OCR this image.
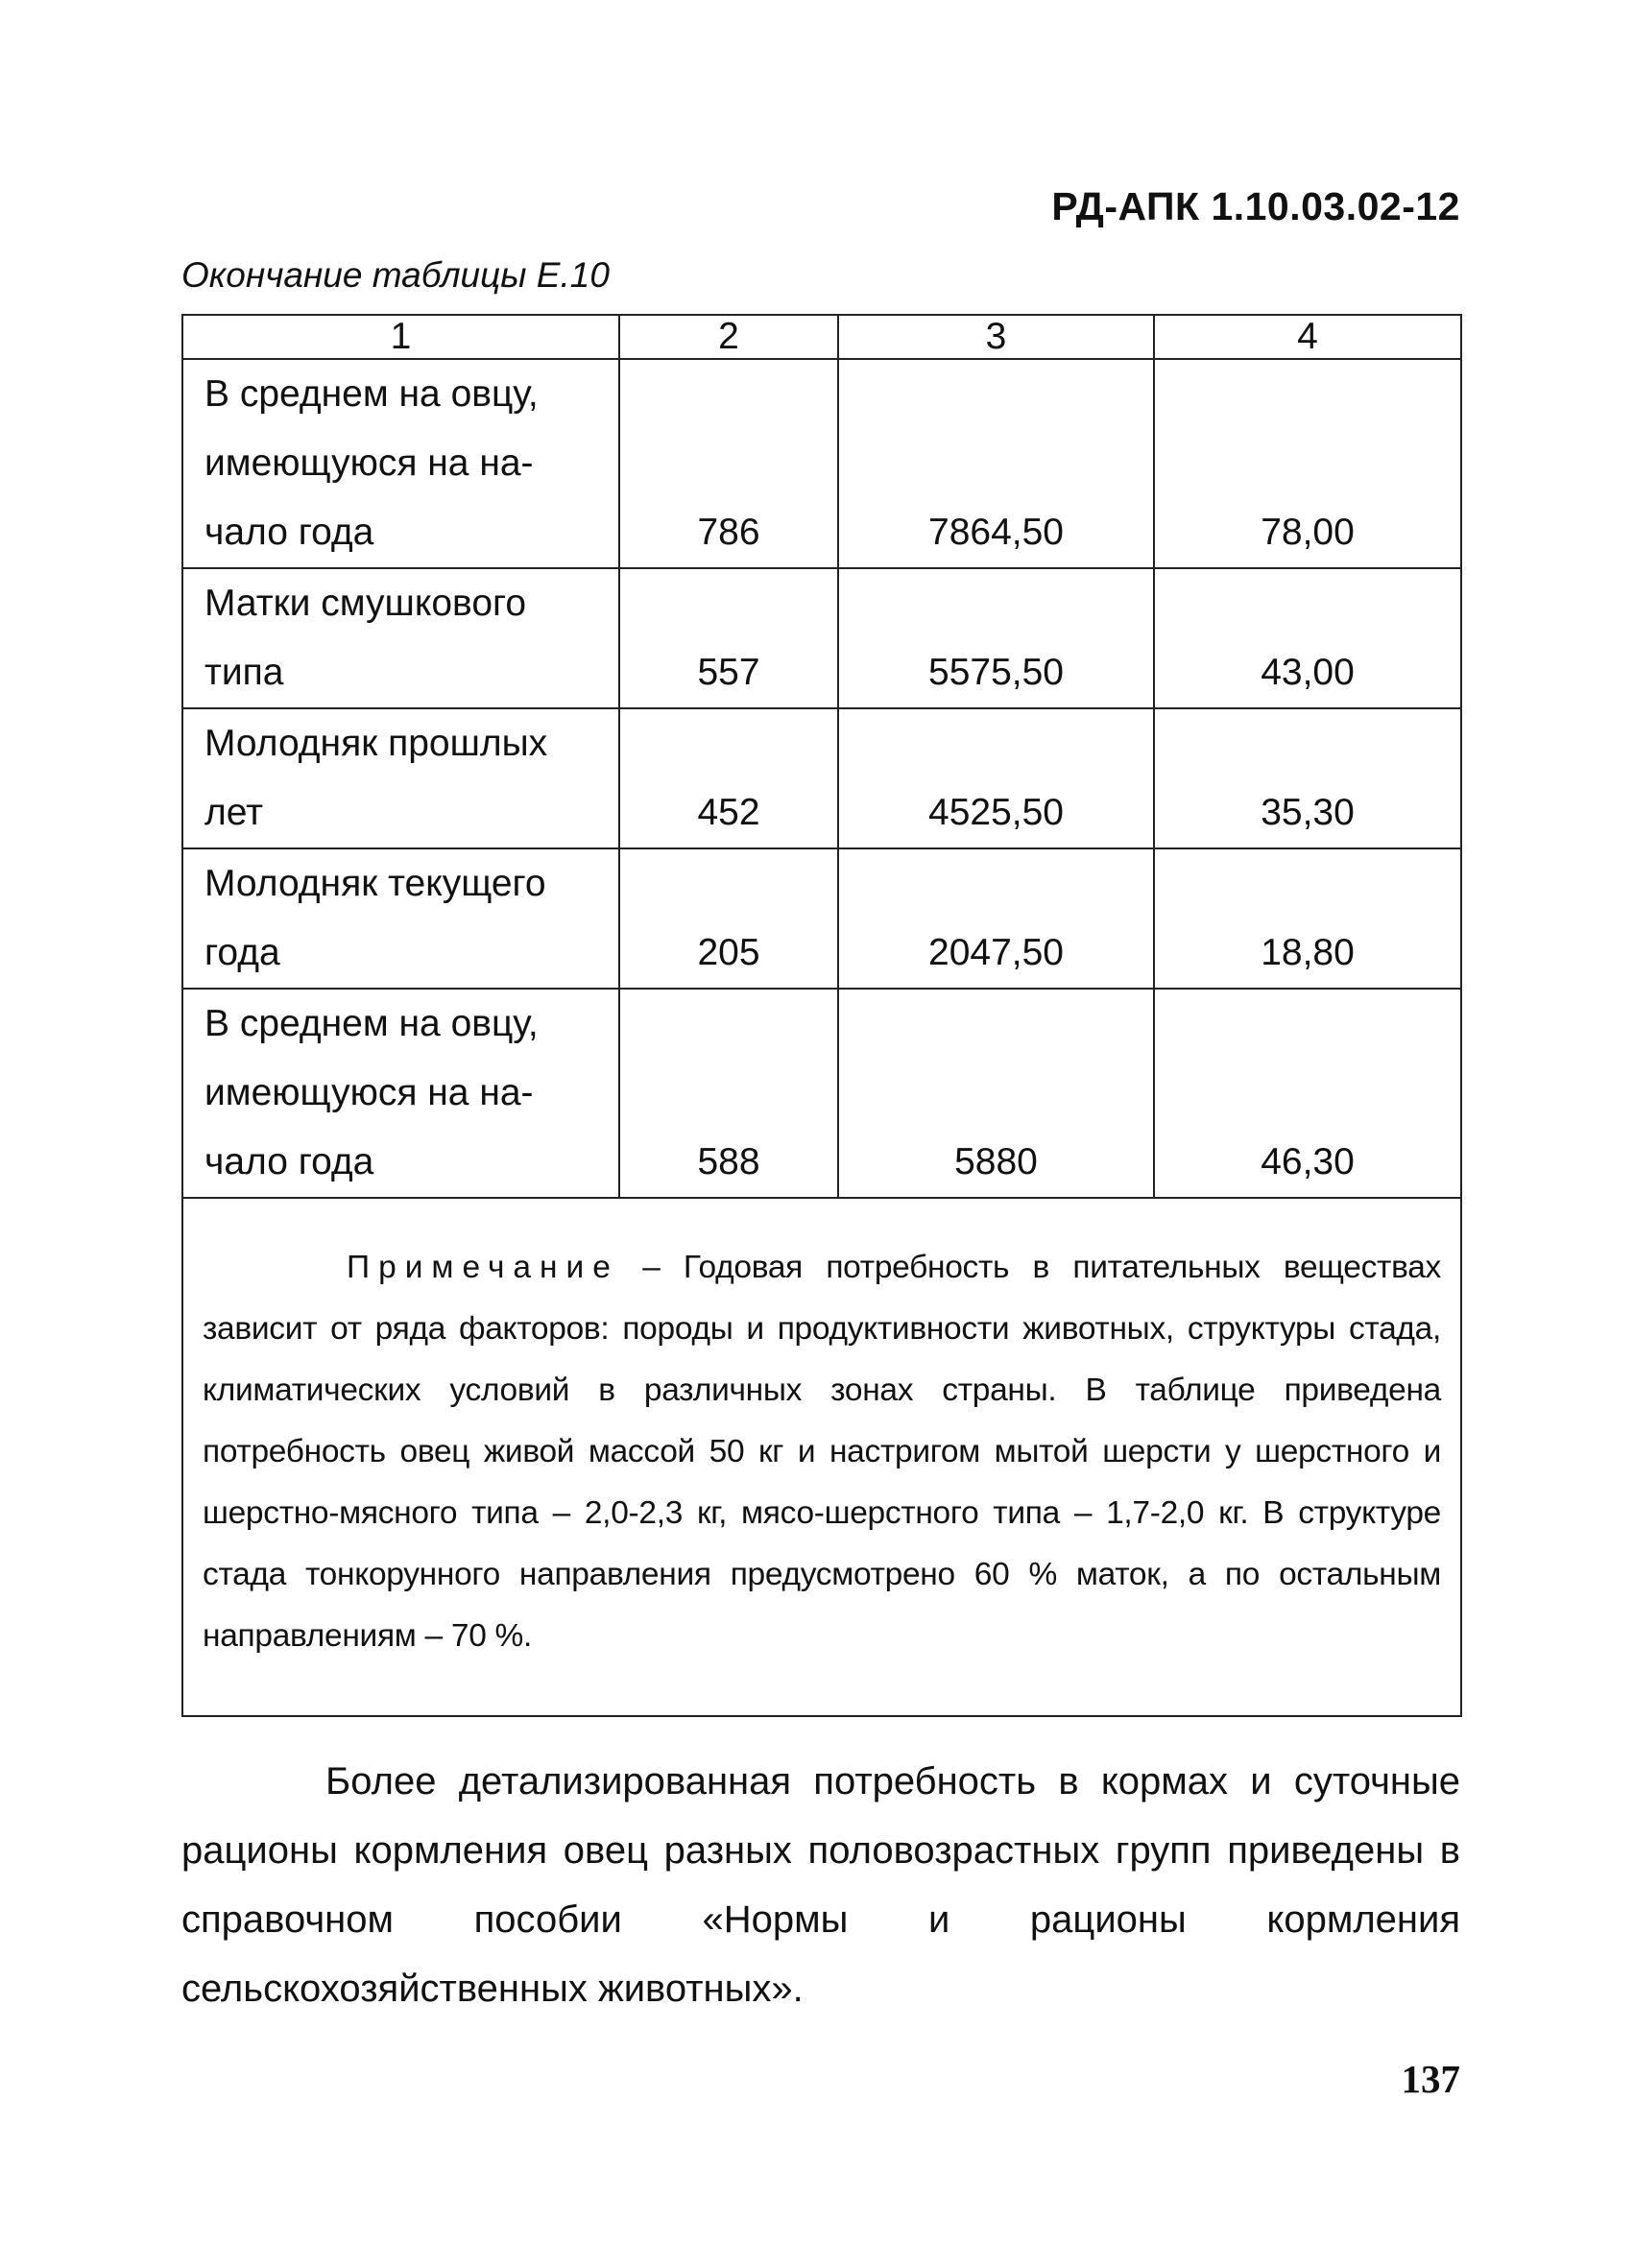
РД-АПК 1.10.03.02-12
Окончание таблицы Е.10
1	2	3	4

В среднем на овцу,
имеющуюся на на-
чало года	786	7864,50	78,00

Матки смушкового
типа	557	5575,50	43,00

Молодняк прошлых
лет	452	4525,50	35,30

Молодняк текущего
года	205	2047,50	18,80

В среднем на овцу,
имеющуюся на на-
чало года	588	5880	46,30
Примечание – Годовая потребность в питательных веществах зависит от ряда факторов: породы и продуктивности животных, структуры стада, климатических условий в различных зонах страны. В таблице приведена потребность овец живой массой 50 кг и настригом мытой шерсти у шерстного и шерстно-мясного типа – 2,0-2,3 кг, мясо-шерстного типа – 1,7-2,0 кг. В структуре стада тонкорунного направления предусмотрено 60 % маток, а по остальным направлениям – 70 %.			

Более детализированная потребность в кормах и суточные рационы кормления овец разных половозрастных групп приведены в справочном пособии «Нормы и рационы кормления сельскохозяйственных животных».

137
